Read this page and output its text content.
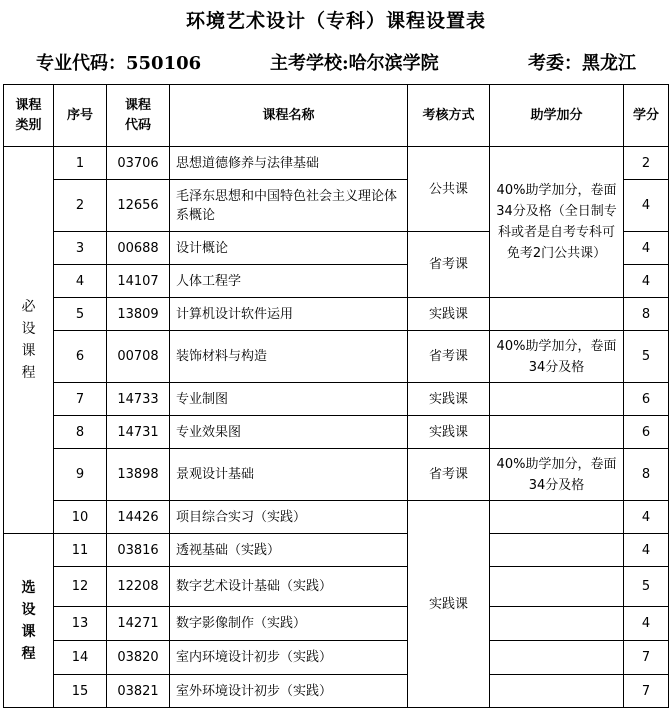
环境艺术设计（专科）课程设置表
专业代码：550106	主考学校:哈尔滨学院	考委：黑龙江
课程类别	序号	课程代码	课程名称	考核方式	助学加分	学分

必设课程	1	03706	思想道德修养与法律基础	公共课	40%助学加分，卷面34分及格（全日制专科或者是自考专科可免考2门公共课）	2
	2	12656	毛泽东思想和中国特色社会主义理论体系概论			4
	3	00688	设计概论	省考课		4
	4	14107	人体工程学			4
	5	13809	计算机设计软件运用	实践课		8
	6	00708	装饰材料与构造	省考课	40%助学加分，卷面34分及格	5
	7	14733	专业制图	实践课		6
	8	14731	专业效果图	实践课		6
	9	13898	景观设计基础	省考课	40%助学加分，卷面34分及格	8
	10	14426	项目综合实习（实践）	实践课		4

选设课程	11	03816	透视基础（实践）			4
	12	12208	数字艺术设计基础（实践）			5
	13	14271	数字影像制作（实践）			4
	14	03820	室内环境设计初步（实践）			7
	15	03821	室外环境设计初步（实践）			7
